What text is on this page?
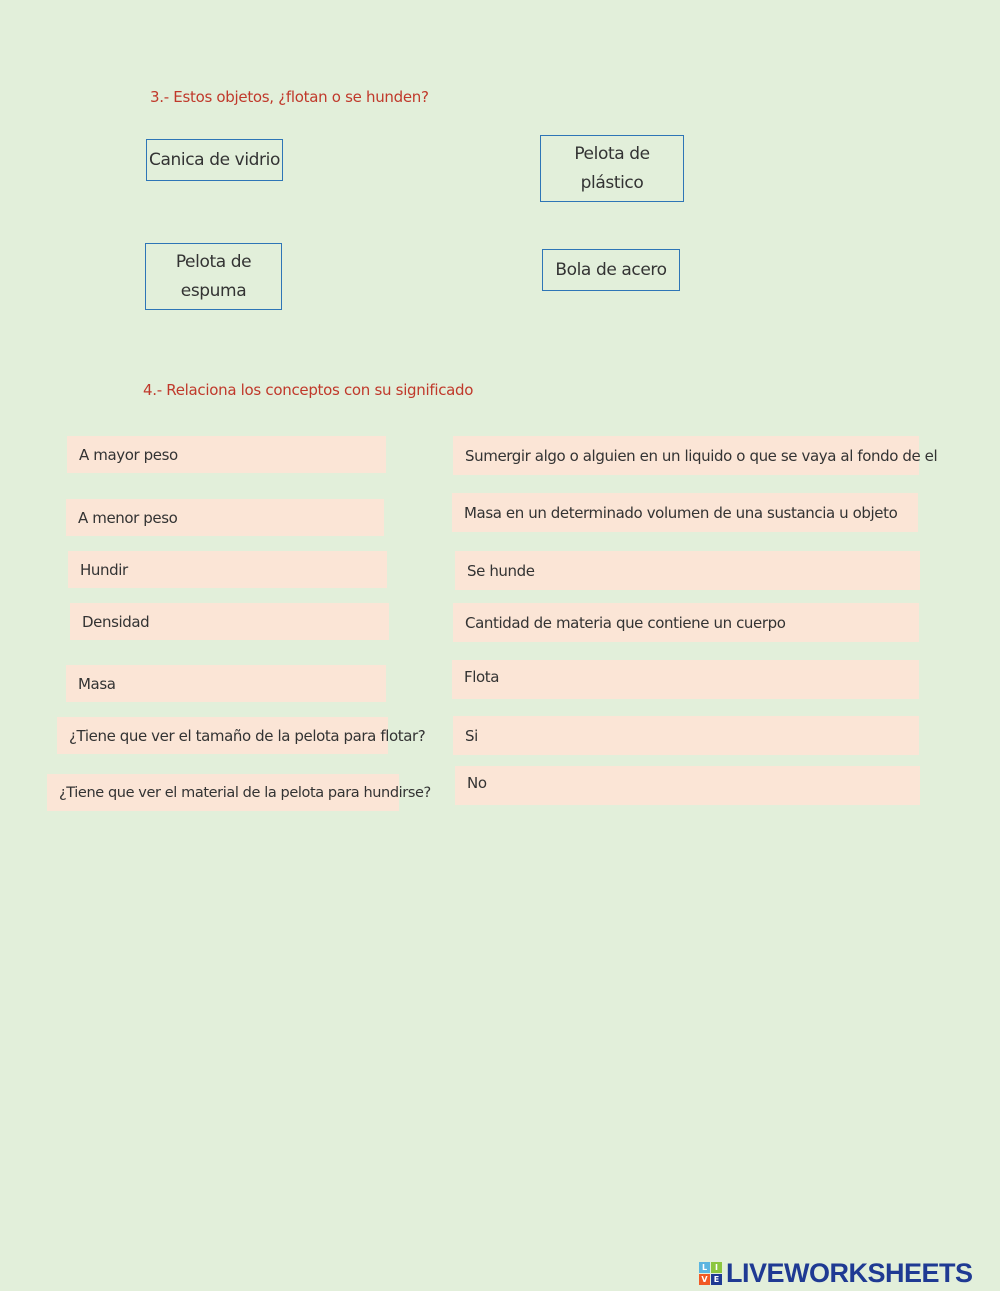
3.- Estos objetos, ¿flotan o se hunden?
Canica de vidrio	Pelota de
plástico
Pelota de
espuma
Bola de acero
4.- Relaciona los conceptos con su significado
A mayor peso
A menor peso
Hundir
Densidad
Masa
¿Tiene que ver el tamaño de la pelota para flotar?
¿Tiene que ver el material de la pelota para hundirse?
Sumergir algo o alguien en un liquido o que se vaya al fondo de el
Masa en un determinado volumen de una sustancia u objeto
Se hunde
Cantidad de materia que contiene un cuerpo
Flota
Si
No
L I
V E LIVEWORKSHEETS
